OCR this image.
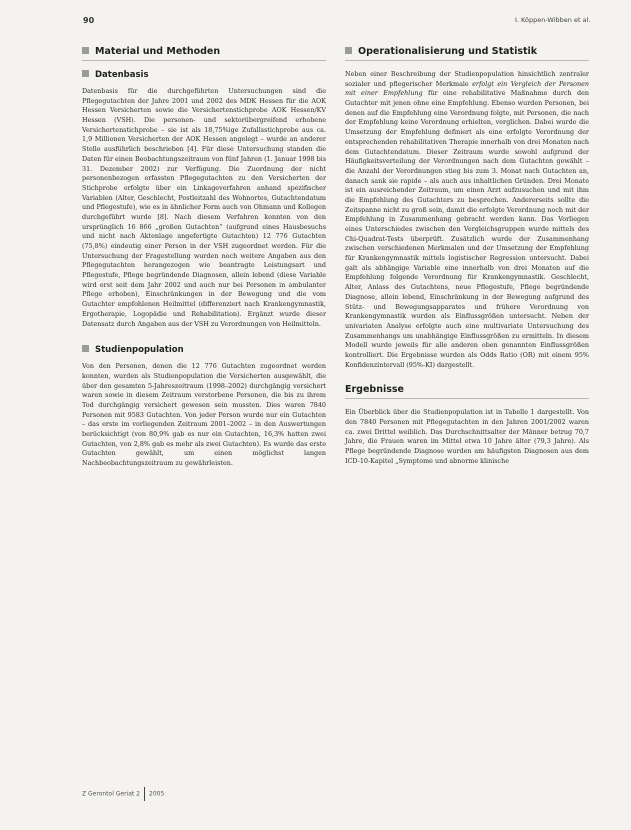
90	I. Köppen-Wibben et al.
Material und Methoden
Datenbasis

Datenbasis für die durchgeführten Untersuchungen sind die Pflegegutachten der Jahre 2001 und 2002 des MDK Hessen für die AOK Hessen Versicherten sowie die Versichertenstichprobe AOK Hessen/KV Hessen (VSH). Die personen- und sektorübergreifend erhobene Versichertenstichprobe – sie ist als 18,75%ige Zufallsstichprobe aus ca. 1,9 Millionen Versicherten der AOK Hessen angelegt – wurde an anderer Stelle ausführlich beschrieben [4]. Für diese Untersuchung standen die Daten für einen Beobachtungszeitraum von fünf Jahren (1. Januar 1998 bis 31. Dezember 2002) zur Verfügung. Die Zuordnung der nicht personenbezogen erfassten Pflegegutachten zu den Versicherten der Stichprobe erfolgte über ein Linkageverfahren anhand spezifischer Variablen (Alter, Geschlecht, Postleitzahl des Wohnortes, Gutachtendatum und Pflegestufe), wie es in ähnlicher Form auch von Ohmann und Kollegen durchgeführt wurde [8]. Nach diesem Verfahren konnten von den ursprünglich 16 866 „großen Gutachten“ (aufgrund eines Hausbesuchs und nicht nach Aktenlage angefertigte Gutachten) 12 776 Gutachten (75,8%) eindeutig einer Person in der VSH zugeordnet werden. Für die Untersuchung der Fragestellung wurden noch weitere Angaben aus den Pflegegutachten herangezogen wie beantragte Leistungsart und Pflegestufe, Pflege begründende Diagnosen, allein lebend (diese Variable wird erst seit dem Jahr 2002 und auch nur bei Personen in ambulanter Pflege erhoben), Einschränkungen in der Bewegung und die vom Gutachter empfohlenen Heilmittel (differenziert nach Krankengymnastik, Ergotherapie, Logopädie und Rehabilitation). Ergänzt wurde dieser Datensatz durch Angaben aus der VSH zu Verordnungen von Heilmitteln.

Studienpopulation

Von den Personen, denen die 12 776 Gutachten zugeordnet werden konnten, wurden als Studienpopulation die Versicherten ausgewählt, die über den gesamten 5-Jahreszeitraum (1998–2002) durchgängig versichert waren sowie in diesem Zeitraum verstorbene Personen, die bis zu ihrem Tod durchgängig versichert gewesen sein mussten. Dies waren 7840 Personen mit 9583 Gutachten. Von jeder Person wurde nur ein Gutachten – das erste im vorliegenden Zeitraum 2001–2002 – in den Auswertungen berücksichtigt (von 80,9% gab es nur ein Gutachten, 16,3% hatten zwei Gutachten, von 2,8% gab es mehr als zwei Gutachten). Es wurde das erste Gutachten gewählt, um einen möglichst langen Nachbeobachtungszeitraum zu gewährleisten.

Operationalisierung und Statistik

Neben einer Beschreibung der Studienpopulation hinsichtlich zentraler sozialer und pflegerischer Merkmale erfolgt ein Vergleich der Personen mit einer Empfehlung für eine rehabilitative Maßnahme durch den Gutachter mit jenen ohne eine Empfehlung. Ebenso wurden Personen, bei denen auf die Empfehlung eine Verordnung folgte, mit Personen, die nach der Empfehlung keine Verordnung erhielten, verglichen. Dabei wurde die Umsetzung der Empfehlung definiert als eine erfolgte Verordnung der entsprechenden rehabilitativen Therapie innerhalb von drei Monaten nach dem Gutachtendatum. Dieser Zeitraum wurde sowohl aufgrund der Häufigkeitsverteilung der Verordnungen nach dem Gutachten gewählt – die Anzahl der Verordnungen stieg bis zum 3. Monat nach Gutachten an, danach sank sie rapide – als auch aus inhaltlichen Gründen. Drei Monate ist ein ausreichender Zeitraum, um einen Arzt aufzusuchen und mit ihm die Empfehlung des Gutachters zu besprechen. Andererseits sollte die Zeitspanne nicht zu groß sein, damit die erfolgte Verordnung noch mit der Empfehlung in Zusammenhang gebracht werden kann. Das Vorliegen eines Unterschiedes zwischen den Vergleichsgruppen wurde mittels des Chi-Quadrat-Tests überprüft. Zusätzlich wurde der Zusammenhang zwischen verschiedenen Merkmalen und der Umsetzung der Empfehlung für Krankengymnastik mittels logistischer Regression untersucht. Dabei galt als abhängige Variable eine innerhalb von drei Monaten auf die Empfehlung folgende Verordnung für Krankengymnastik. Geschlecht, Alter, Anlass des Gutachtens, neue Pflegestufe, Pflege begründende Diagnose, allein lebend, Einschränkung in der Bewegung aufgrund des Stütz- und Bewegungsapparates und frühere Verordnung von Krankengymnastik wurden als Einflussgrößen untersucht. Neben der univariaten Analyse erfolgte auch eine multivariate Untersuchung des Zusammenhangs um unabhängige Einflussgrößen zu ermitteln. In diesem Modell wurde jeweils für alle anderen oben genannten Einflussgrößen kontrolliert. Die Ergebnisse wurden als Odds Ratio (OR) mit einem 95% Konfidenzintervall (95%-KI) dargestellt.

Ergebnisse

Ein Überblick über die Studienpopulation ist in Tabelle 1 dargestellt. Von den 7840 Personen mit Pflegegutachten in den Jahren 2001/2002 waren ca. zwei Drittel weiblich. Das Durchschnittsalter der Männer betrug 70,7 Jahre, die Frauen waren im Mittel etwa 10 Jahre älter (79,3 Jahre). Als Pflege begründende Diagnose wurden am häufigsten Diagnosen aus dem ICD-10-Kapitel „Symptome und abnorme klinische

Z Gerontol Geriat 2 2005
